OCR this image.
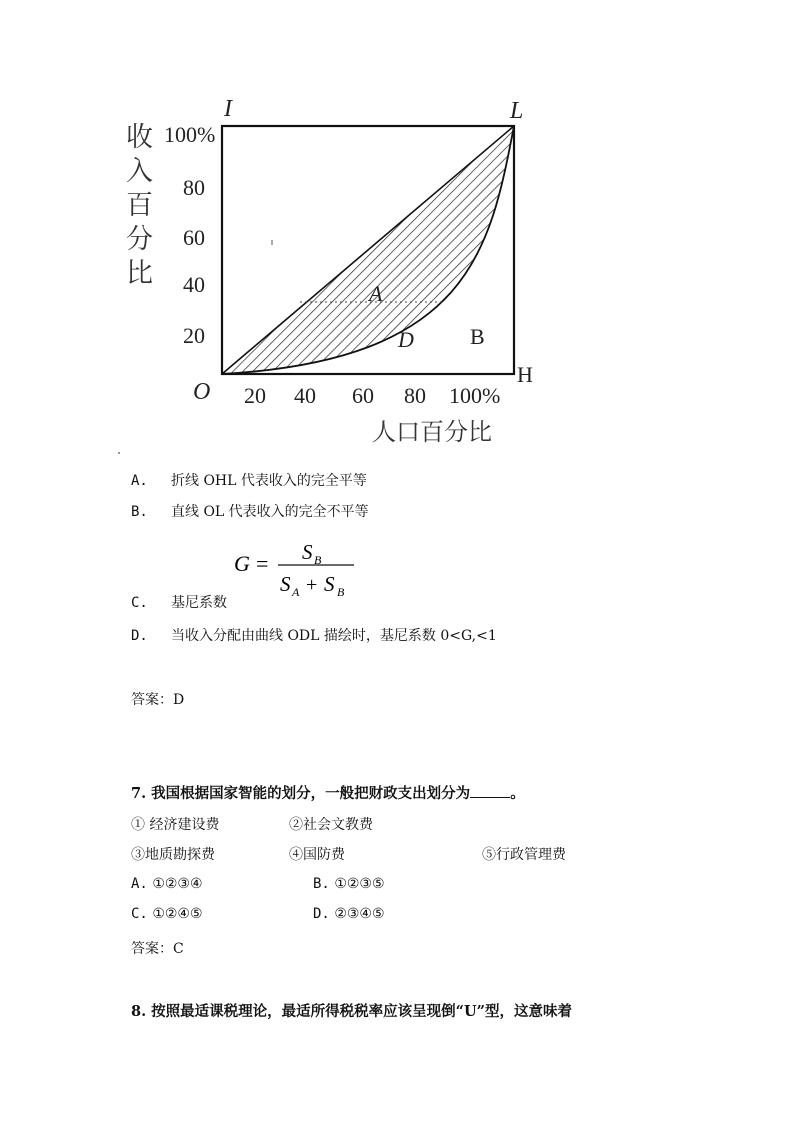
收
入
百
分
比
100%
80
60
40
20
20 40 60 80 100%
O
I	L
H
A
D	B
人口百分比
A. 折线 OHL 代表收入的完全平等
B. 直线 OL 代表收入的完全不平等
G = S B
S A + S B
C. 基尼系数
D. 当收入分配由曲线 ODL 描绘时，基尼系数 0<G,<1
答案：D
7. 我国根据国家智能的划分，一般把财政支出划分为	。
① 经济建设费	②社会文教费
③地质勘探费	④国防费	⑤行政管理费
A. ①②③④	B. ①②③⑤
C. ①②④⑤	D. ②③④⑤
答案：C
8. 按照最适课税理论，最适所得税税率应该呈现倒“U”型，这意味着
